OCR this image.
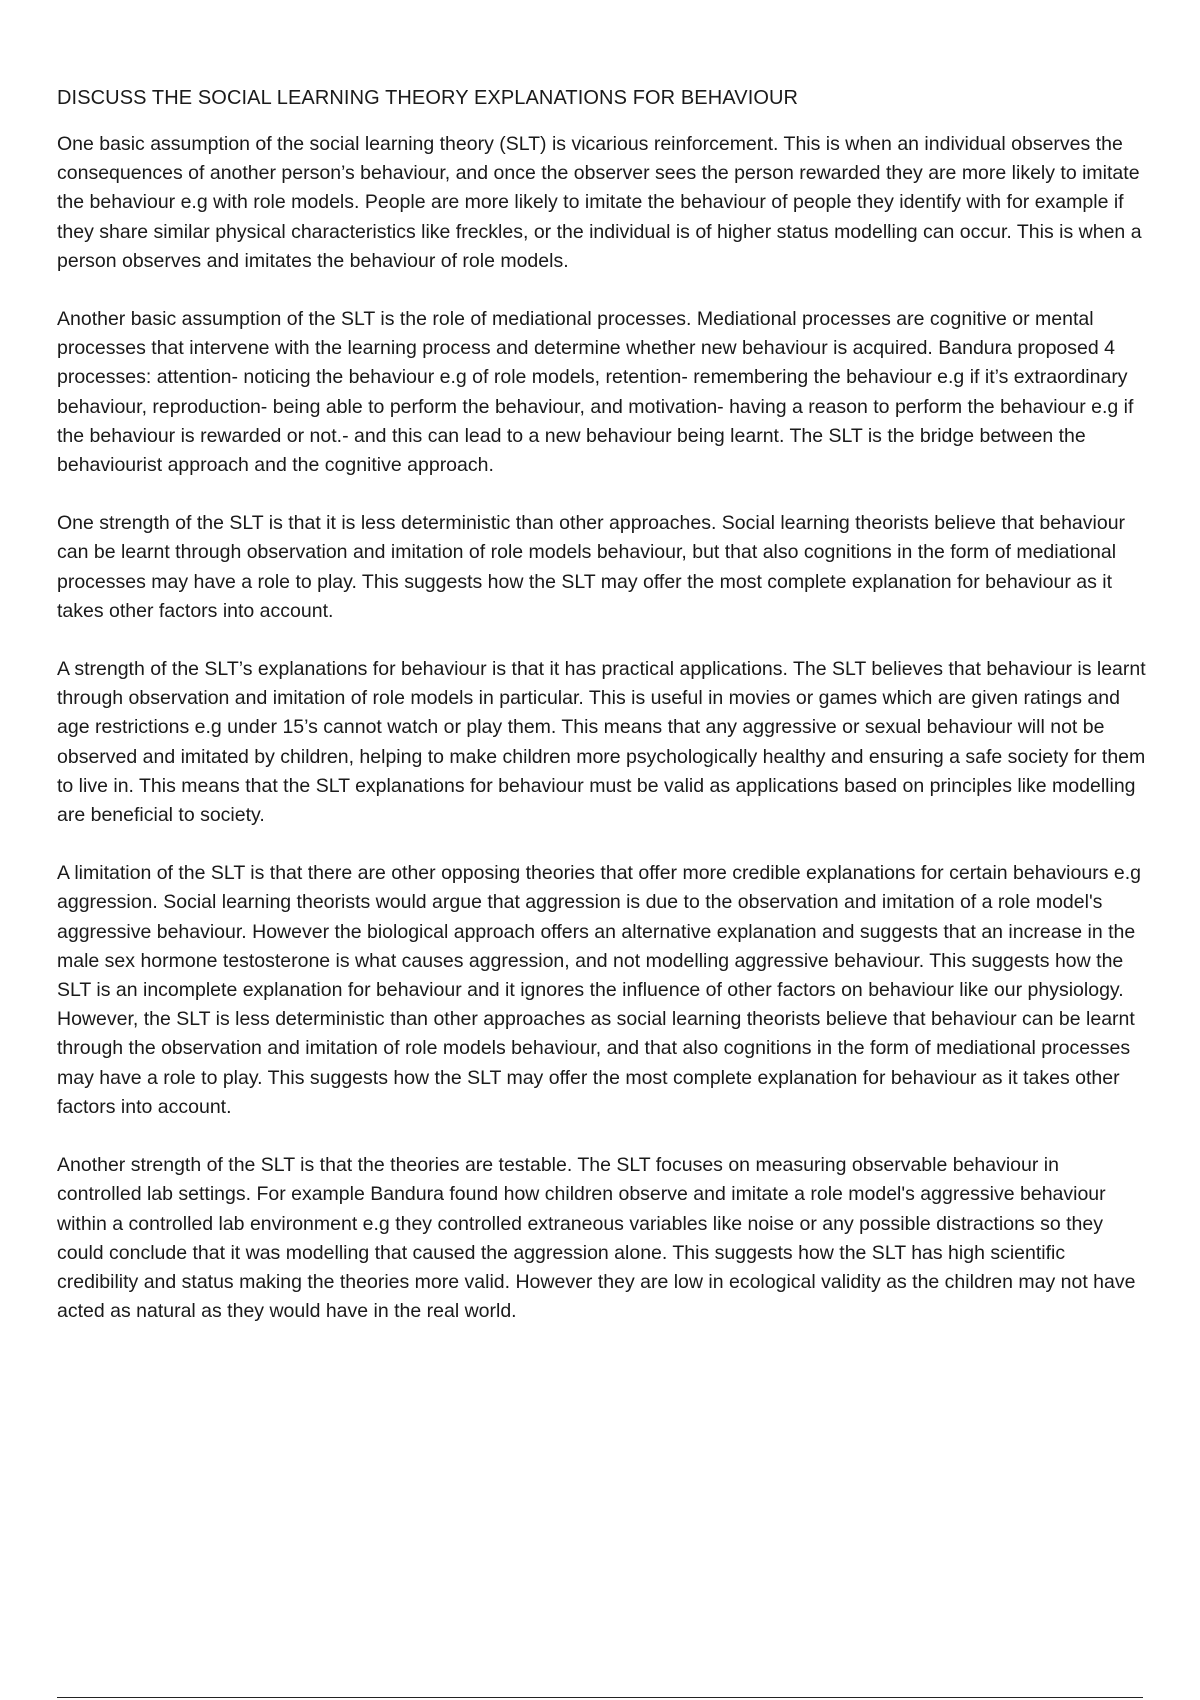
DISCUSS THE SOCIAL LEARNING THEORY EXPLANATIONS FOR BEHAVIOUR

One basic assumption of the social learning theory (SLT) is vicarious reinforcement. This is when an individual observes the consequences of another person’s behaviour, and once the observer sees the person rewarded they are more likely to imitate the behaviour e.g with role models. People are more likely to imitate the behaviour of people they identify with for example if they share similar physical characteristics like freckles, or the individual is of higher status modelling can occur. This is when a person observes and imitates the behaviour of role models.

Another basic assumption of the SLT is the role of mediational processes. Mediational processes are cognitive or mental processes that intervene with the learning process and determine whether new behaviour is acquired. Bandura proposed 4 processes: attention- noticing the behaviour e.g of role models, retention- remembering the behaviour e.g if it’s extraordinary behaviour, reproduction- being able to perform the behaviour, and motivation- having a reason to perform the behaviour e.g if the behaviour is rewarded or not.- and this can lead to a new behaviour being learnt. The SLT is the bridge between the behaviourist approach and the cognitive approach.

One strength of the SLT is that it is less deterministic than other approaches. Social learning theorists believe that behaviour can be learnt through observation and imitation of role models behaviour, but that also cognitions in the form of mediational processes may have a role to play. This suggests how the SLT may offer the most complete explanation for behaviour as it takes other factors into account.

A strength of the SLT’s explanations for behaviour is that it has practical applications. The SLT believes that behaviour is learnt through observation and imitation of role models in particular. This is useful in movies or games which are given ratings and age restrictions e.g under 15’s cannot watch or play them. This means that any aggressive or sexual behaviour will not be observed and imitated by children, helping to make children more psychologically healthy and ensuring a safe society for them to live in. This means that the SLT explanations for behaviour must be valid as applications based on principles like modelling are beneficial to society.

A limitation of the SLT is that there are other opposing theories that offer more credible explanations for certain behaviours e.g aggression. Social learning theorists would argue that aggression is due to the observation and imitation of a role model's aggressive behaviour. However the biological approach offers an alternative explanation and suggests that an increase in the male sex hormone testosterone is what causes aggression, and not modelling aggressive behaviour. This suggests how the SLT is an incomplete explanation for behaviour and it ignores the influence of other factors on behaviour like our physiology. However, the SLT is less deterministic than other approaches as social learning theorists believe that behaviour can be learnt through the observation and imitation of role models behaviour, and that also cognitions in the form of mediational processes may have a role to play. This suggests how the SLT may offer the most complete explanation for behaviour as it takes other factors into account.

Another strength of the SLT is that the theories are testable. The SLT focuses on measuring observable behaviour in controlled lab settings. For example Bandura found how children observe and imitate a role model's aggressive behaviour within a controlled lab environment e.g they controlled extraneous variables like noise or any possible distractions so they could conclude that it was modelling that caused the aggression alone. This suggests how the SLT has high scientific credibility and status making the theories more valid. However they are low in ecological validity as the children may not have acted as natural as they would have in the real world.
